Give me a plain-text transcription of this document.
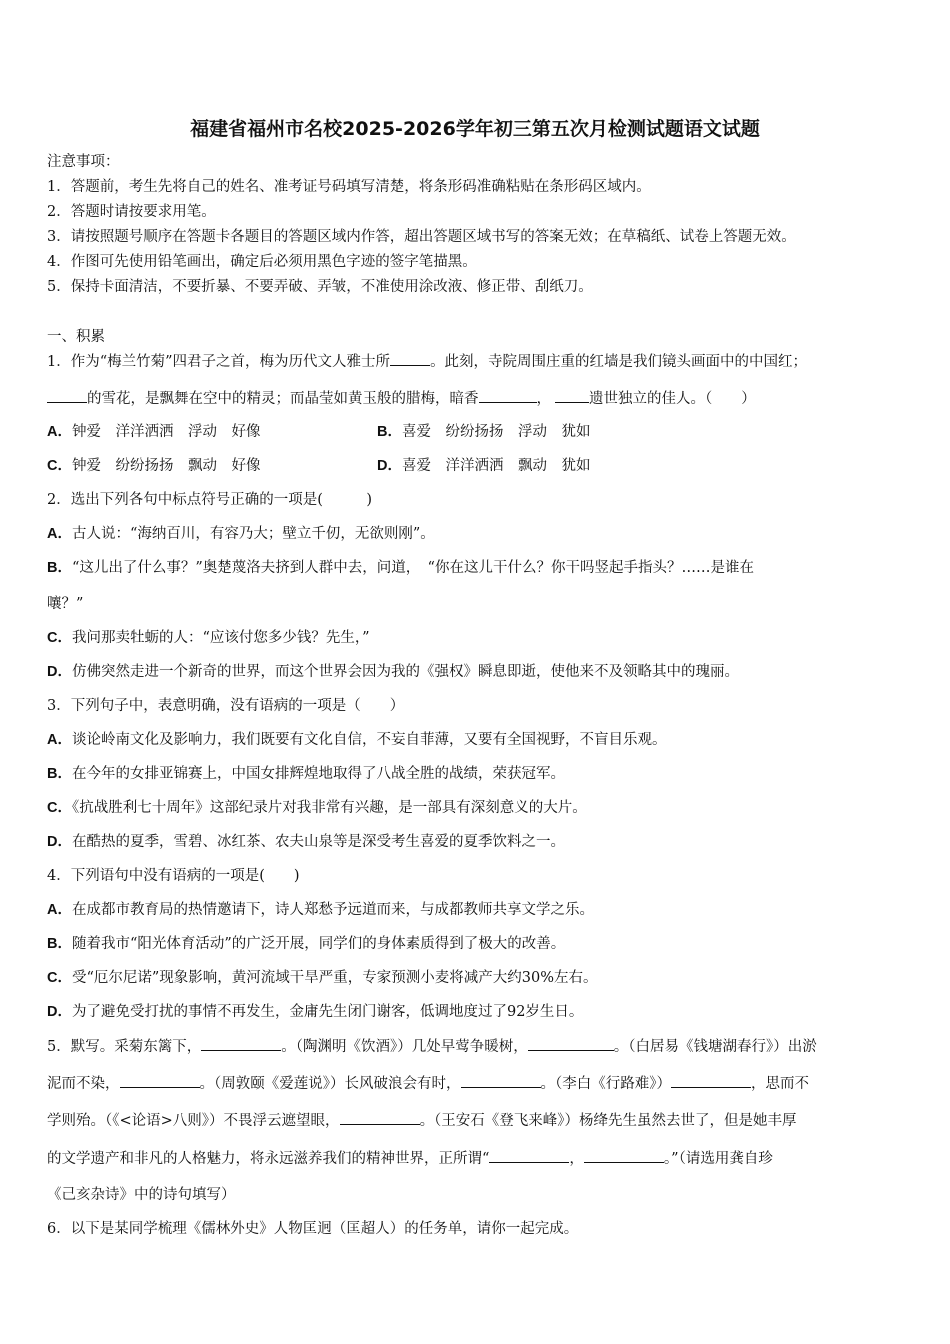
福建省福州市名校2025-2026学年初三第五次月检测试题语文试题
注意事项：
1．答题前，考生先将自己的姓名、准考证号码填写清楚，将条形码准确粘贴在条形码区域内。
2．答题时请按要求用笔。
3．请按照题号顺序在答题卡各题目的答题区域内作答，超出答题区域书写的答案无效；在草稿纸、试卷上答题无效。
4．作图可先使用铅笔画出，确定后必须用黑色字迹的签字笔描黑。
5．保持卡面清洁，不要折暴、不要弄破、弄皱，不准使用涂改液、修正带、刮纸刀。
一、积累
1．作为“梅兰竹菊”四君子之首，梅为历代文人雅士所	。此刻，寺院周围庄重的红墙是我们镜头画面中的中国红；
的雪花，是飘舞在空中的精灵；而晶莹如黄玉般的腊梅，暗香	，	遗世独立的佳人。（　　）
A．钟爱　洋洋洒洒　浮动　好像	B．喜爱　纷纷扬扬　浮动　犹如
C．钟爱　纷纷扬扬　飘动　好像	D．喜爱　洋洋洒洒　飘动　犹如
2．选出下列各句中标点符号正确的一项是(　　　)
A．古人说：“海纳百川，有容乃大；壁立千仞，无欲则刚”。
B．“这儿出了什么事？”奥楚蔑洛夫挤到人群中去，问道，　“你在这儿干什么？你干吗竖起手指头？……是谁在
嚷？”
C．我问那卖牡蛎的人：“应该付您多少钱？先生，”
D．仿佛突然走进一个新奇的世界，而这个世界会因为我的《强权》瞬息即逝，使他来不及领略其中的瑰丽。
3．下列句子中，表意明确，没有语病的一项是（　　）
A．谈论岭南文化及影响力，我们既要有文化自信，不妄自菲薄，又要有全国视野，不盲目乐观。
B．在今年的女排亚锦赛上，中国女排辉煌地取得了八战全胜的战绩，荣获冠军。
C．《抗战胜利七十周年》这部纪录片对我非常有兴趣，是一部具有深刻意义的大片。
D．在酷热的夏季，雪碧、冰红茶、农夫山泉等是深受考生喜爱的夏季饮料之一。
4．下列语句中没有语病的一项是(　　)
A．在成都市教育局的热情邀请下，诗人郑愁予远道而来，与成都教师共享文学之乐。
B．随着我市“阳光体育活动”的广泛开展，同学们的身体素质得到了极大的改善。
C．受“厄尔尼诺”现象影响，黄河流域干旱严重，专家预测小麦将减产大约30%左右。
D．为了避免受打扰的事情不再发生，金庸先生闭门谢客，低调地度过了92岁生日。
5．默写。采菊东篱下，	。（陶渊明《饮酒》）几处早莺争暖树，	。（白居易《钱塘湖春行》）出淤
泥而不染，	。（周敦颐《爱莲说》）长风破浪会有时，	。（李白《行路难》）	，思而不
学则殆。（《<论语>八则》）不畏浮云遮望眼，	。（王安石《登飞来峰》）杨绛先生虽然去世了，但是她丰厚
的文学遗产和非凡的人格魅力，将永远滋养我们的精神世界，正所谓“	，	。”（请选用龚自珍
《己亥杂诗》中的诗句填写）
6．以下是某同学梳理《儒林外史》人物匡迥（匡超人）的任务单，请你一起完成。
